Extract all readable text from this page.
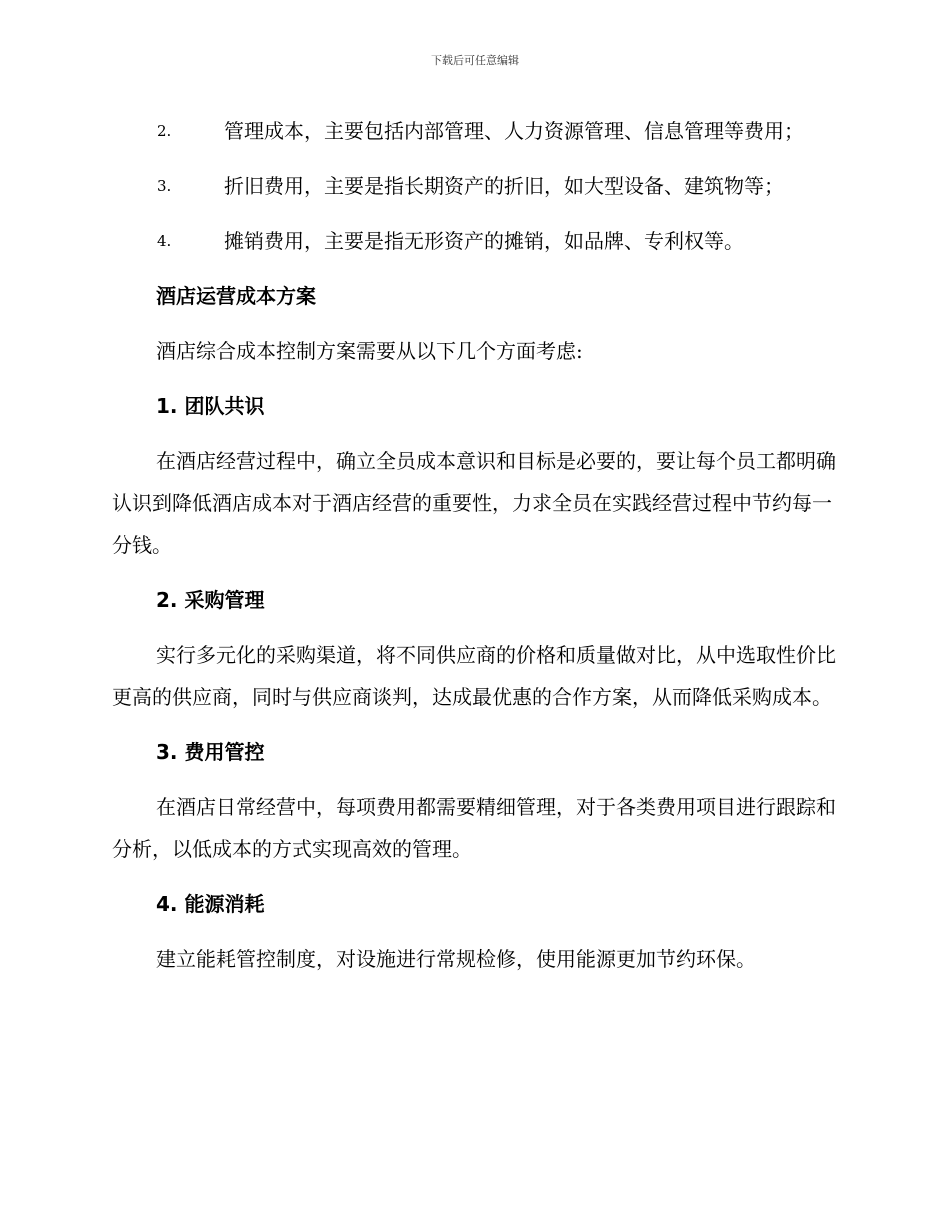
下载后可任意编辑
2.	管理成本，主要包括内部管理、人力资源管理、信息管理等费用；
3.	折旧费用，主要是指长期资产的折旧，如大型设备、建筑物等；
4.	摊销费用，主要是指无形资产的摊销，如品牌、专利权等。
酒店运营成本方案
酒店综合成本控制方案需要从以下几个方面考虑:
1. 团队共识
在酒店经营过程中，确立全员成本意识和目标是必要的，要让每个员工都明确认识到降低酒店成本对于酒店经营的重要性，力求全员在实践经营过程中节约每一分钱。
2. 采购管理
实行多元化的采购渠道，将不同供应商的价格和质量做对比，从中选取性价比更高的供应商，同时与供应商谈判，达成最优惠的合作方案，从而降低采购成本。
3. 费用管控
在酒店日常经营中，每项费用都需要精细管理，对于各类费用项目进行跟踪和分析，以低成本的方式实现高效的管理。
4. 能源消耗
建立能耗管控制度，对设施进行常规检修，使用能源更加节约环保。
